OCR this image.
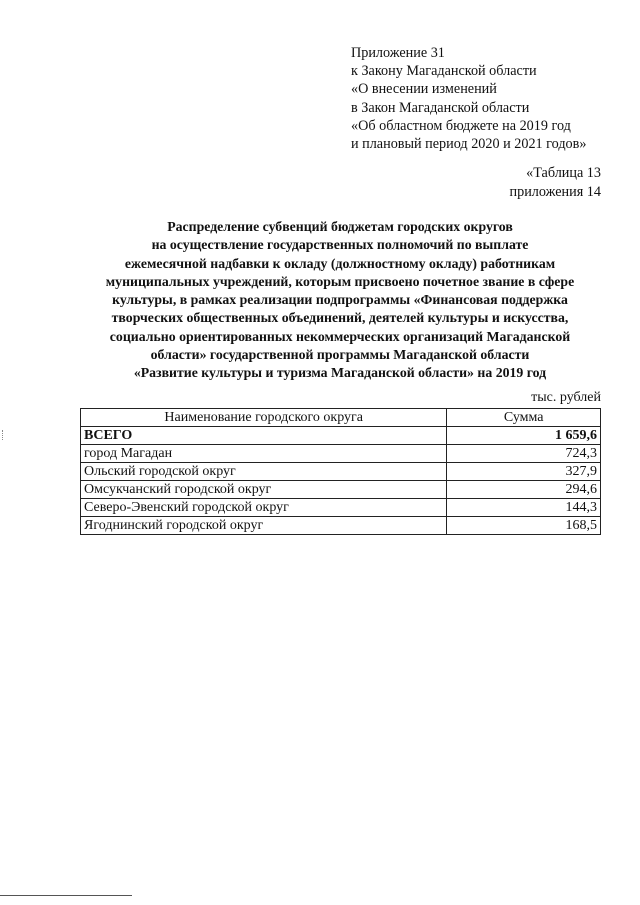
Приложение 31
к Закону Магаданской области
«О внесении изменений
в Закон Магаданской области
«Об областном бюджете на 2019 год
и плановый период 2020 и 2021 годов»
«Таблица 13
приложения 14
Распределение субвенций бюджетам городских округов
на осуществление государственных полномочий по выплате
ежемесячной надбавки к окладу (должностному окладу) работникам
муниципальных учреждений, которым присвоено почетное звание в сфере
культуры, в рамках реализации подпрограммы «Финансовая поддержка
творческих общественных объединений, деятелей культуры и искусства,
социально ориентированных некоммерческих организаций Магаданской
области» государственной программы Магаданской области
«Развитие культуры и туризма Магаданской области» на 2019 год
тыс. рублей
Наименование городского округа	Сумма
ВСЕГО	1 659,6
город Магадан	724,3
Ольский городской округ	327,9
Омсукчанский городской округ	294,6
Северо-Эвенский городской округ	144,3
Ягоднинский городской округ	168,5
